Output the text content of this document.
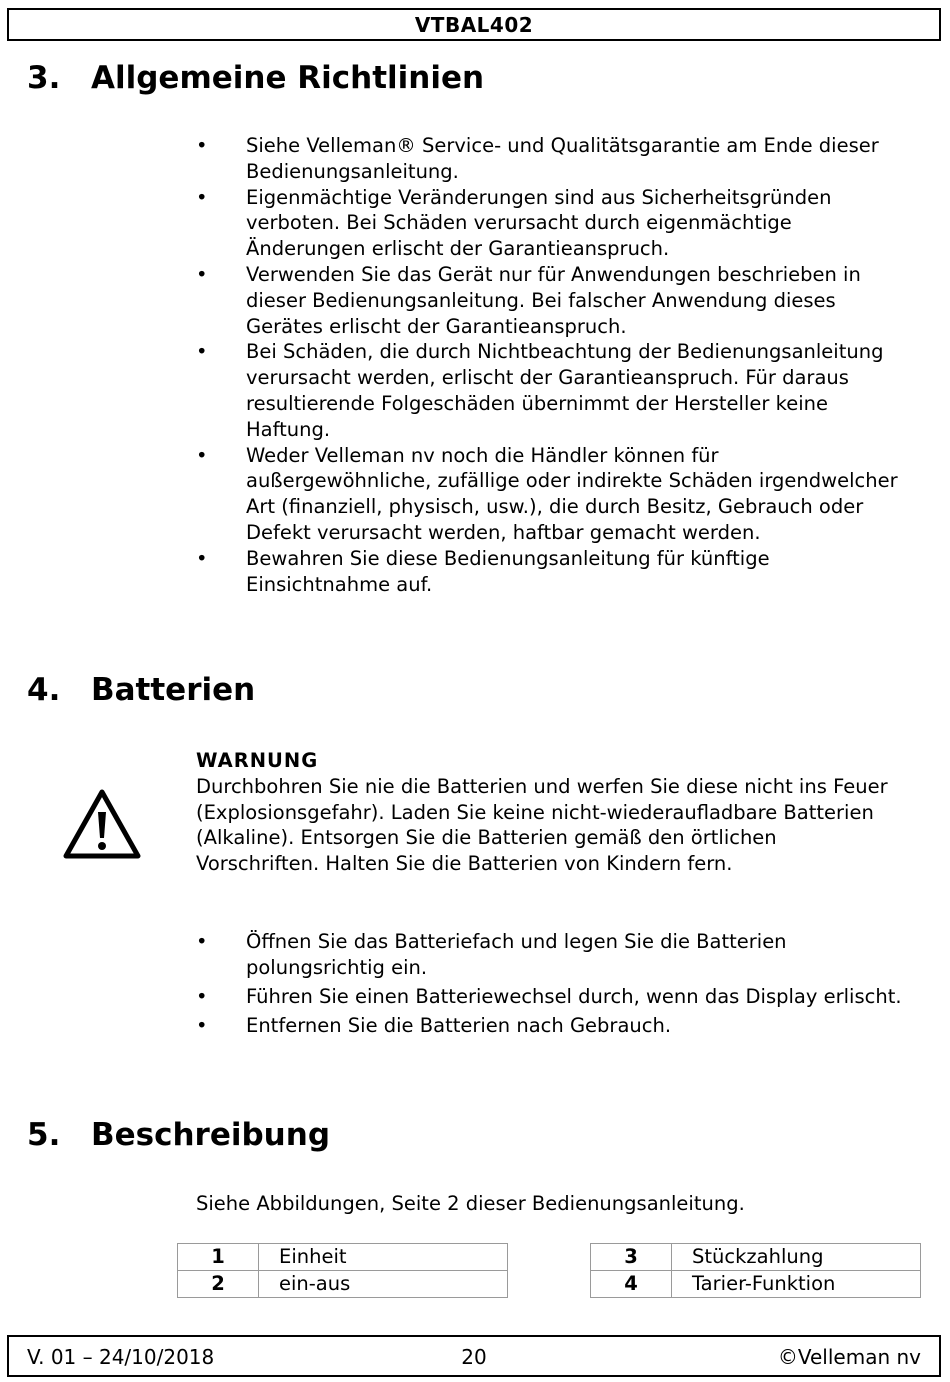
VTBAL402
3. Allgemeine Richtlinien
• Siehe Velleman® Service- und Qualitätsgarantie am Ende dieser Bedienungsanleitung.
• Eigenmächtige Veränderungen sind aus Sicherheitsgründen verboten. Bei Schäden verursacht durch eigenmächtige Änderungen erlischt der Garantieanspruch.
• Verwenden Sie das Gerät nur für Anwendungen beschrieben in dieser Bedienungsanleitung. Bei falscher Anwendung dieses Gerätes erlischt der Garantieanspruch.
• Bei Schäden, die durch Nichtbeachtung der Bedienungsanleitung verursacht werden, erlischt der Garantieanspruch. Für daraus resultierende Folgeschäden übernimmt der Hersteller keine Haftung.
• Weder Velleman nv noch die Händler können für außergewöhnliche, zufällige oder indirekte Schäden irgendwelcher Art (finanziell, physisch, usw.), die durch Besitz, Gebrauch oder Defekt verursacht werden, haftbar gemacht werden.
• Bewahren Sie diese Bedienungsanleitung für künftige Einsichtnahme auf.
4. Batterien
WARNUNG
Durchbohren Sie nie die Batterien und werfen Sie diese nicht ins Feuer (Explosionsgefahr). Laden Sie keine nicht-wiederaufladbare Batterien (Alkaline). Entsorgen Sie die Batterien gemäß den örtlichen Vorschriften. Halten Sie die Batterien von Kindern fern.
• Öffnen Sie das Batteriefach und legen Sie die Batterien polungsrichtig ein.
• Führen Sie einen Batteriewechsel durch, wenn das Display erlischt.
• Entfernen Sie die Batterien nach Gebrauch.
5. Beschreibung
Siehe Abbildungen, Seite 2 dieser Bedienungsanleitung.
1	Einheit
2	ein-aus
3	Stückzahlung
4	Tarier-Funktion
V. 01 – 24/10/2018	20	©Velleman nv
